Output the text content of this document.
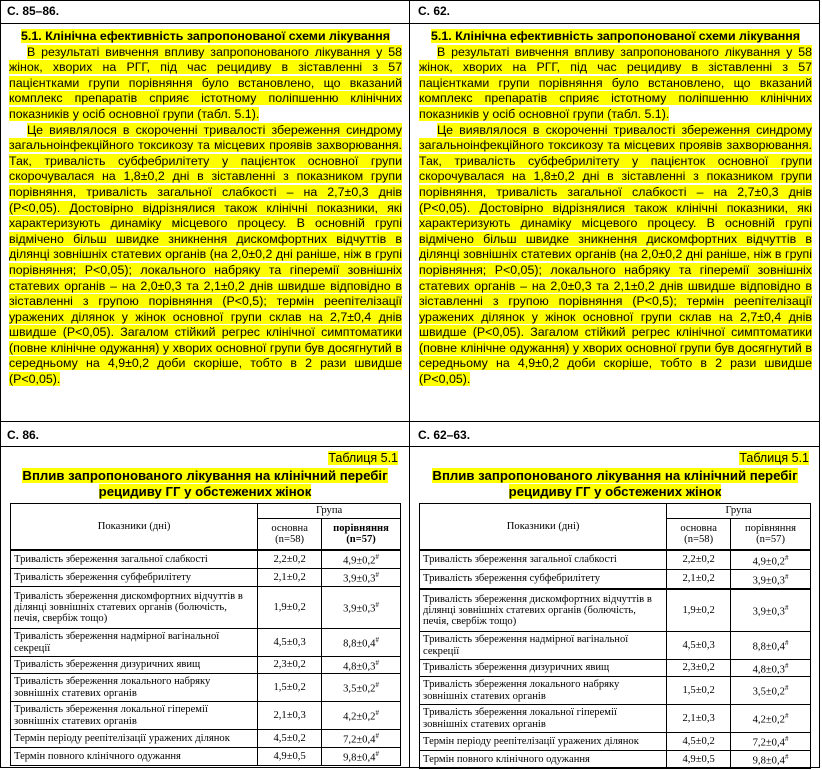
С. 85–86.	С. 62.
С. 86.	С. 62–63.

5.1. Клінічна ефективність запропонованої схеми лікування

В результаті вивчення впливу запропонованого лікування у 58 жінок, хворих на РГГ, під час рецидиву в зіставленні з 57 пацієнтками групи порівняння було встановлено, що вказаний комплекс препаратів сприяє істотному поліпшенню клінічних показників у осіб основної групи (табл. 5.1).

Це виявлялося в скороченні тривалості збереження синдрому загальноінфекційного токсикозу та місцевих проявів захворювання. Так, тривалість субфебрилітету у пацієнток основної групи скорочувалася на 1,8±0,2 дні в зіставленні з показником групи порівняння, тривалість загальної слабкості – на 2,7±0,3 днів (P<0,05). Достовірно відрізнялися також клінічні показники, які характеризують динаміку місцевого процесу. В основній групі відмічено більш швидке зникнення дискомфортних відчуттів в ділянці зовнішніх статевих органів (на 2,0±0,2 дні раніше, ніж в групі порівняння; P<0,05); локального набряку та гіперемії зовнішніх статевих органів – на 2,0±0,3 та 2,1±0,2 днів швидше відповідно в зіставленні з групою порівняння (P<0,5); термін реепітелізації уражених ділянок у жінок основної групи склав на 2,7±0,4 днів швидше (P<0,05). Загалом стійкий регрес клінічної симптоматики (повне клінічне одужання) у хворих основної групи був досягнутий в середньому на 4,9±0,2 доби скоріше, тобто в 2 рази швидше (P<0,05).

5.1. Клінічна ефективність запропонованої схеми лікування

В результаті вивчення впливу запропонованого лікування у 58 жінок, хворих на РГГ, під час рецидиву в зіставленні з 57 пацієнтками групи порівняння було встановлено, що вказаний комплекс препаратів сприяє істотному поліпшенню клінічних показників у осіб основної групи (табл. 5.1).

Це виявлялося в скороченні тривалості збереження синдрому загальноінфекційного токсикозу та місцевих проявів захворювання. Так, тривалість субфебрилітету у пацієнток основної групи скорочувалася на 1,8±0,2 дні в зіставленні з показником групи порівняння, тривалість загальної слабкості – на 2,7±0,3 днів (P<0,05). Достовірно відрізнялися також клінічні показники, які характеризують динаміку місцевого процесу. В основній групі відмічено більш швидке зникнення дискомфортних відчуттів в ділянці зовнішніх статевих органів (на 2,0±0,2 дні раніше, ніж в групі порівняння; P<0,05); локального набряку та гіперемії зовнішніх статевих органів – на 2,0±0,3 та 2,1±0,2 днів швидше відповідно в зіставленні з групою порівняння (P<0,5); термін реепітелізації уражених ділянок у жінок основної групи склав на 2,7±0,4 днів швидше (P<0,05). Загалом стійкий регрес клінічної симптоматики (повне клінічне одужання) у хворих основної групи був досягнутий в середньому на 4,9±0,2 доби скоріше, тобто в 2 рази швидше (P<0,05).

Таблиця 5.1
Вплив запропонованого лікування на клінічний перебіг рецидиву ГГ у обстежених жінок
Таблиця 5.1
Вплив запропонованого лікування на клінічний перебіг рецидиву ГГ у обстежених жінок
Показники (дні)	Група	
	основна
(n=58)	порівняння
(n=57)
Тривалість збереження загальної слабкості	2,2±0,2	4,9±0,2#
Тривалість збереження субфебрилітету	2,1±0,2	3,9±0,3#
Тривалість збереження дискомфортних відчуттів в ділянці зовнішніх статевих органів (болючість, печія, свербіж тощо)	1,9±0,2	3,9±0,3#
Тривалість збереження надмірної вагінальної секреції	4,5±0,3	8,8±0,4#
Тривалість збереження дизуричних явищ	2,3±0,2	4,8±0,3#
Тривалість збереження локального набряку зовнішніх статевих органів	1,5±0,2	3,5±0,2#
Тривалість збереження локальної гіперемії зовнішніх статевих органів	2,1±0,3	4,2±0,2#
Термін періоду реепітелізації уражених ділянок	4,5±0,2	7,2±0,4#
Термін повного клінічного одужання	4,9±0,5	9,8±0,4#
Показники (дні)	Група	
	основна
(n=58)	порівняння
(n=57)
Тривалість збереження загальної слабкості	2,2±0,2	4,9±0,2#
Тривалість збереження субфебрилітету	2,1±0,2	3,9±0,3#
Тривалість збереження дискомфортних відчуттів в ділянці зовнішніх статевих органів (болючість, печія, свербіж тощо)	1,9±0,2	3,9±0,3#
Тривалість збереження надмірної вагінальної секреції	4,5±0,3	8,8±0,4#
Тривалість збереження дизуричних явищ	2,3±0,2	4,8±0,3#
Тривалість збереження локального набряку зовнішніх статевих органів	1,5±0,2	3,5±0,2#
Тривалість збереження локальної гіперемії зовнішніх статевих органів	2,1±0,3	4,2±0,2#
Термін періоду реепітелізації уражених ділянок	4,5±0,2	7,2±0,4#
Термін повного клінічного одужання	4,9±0,5	9,8±0,4#
